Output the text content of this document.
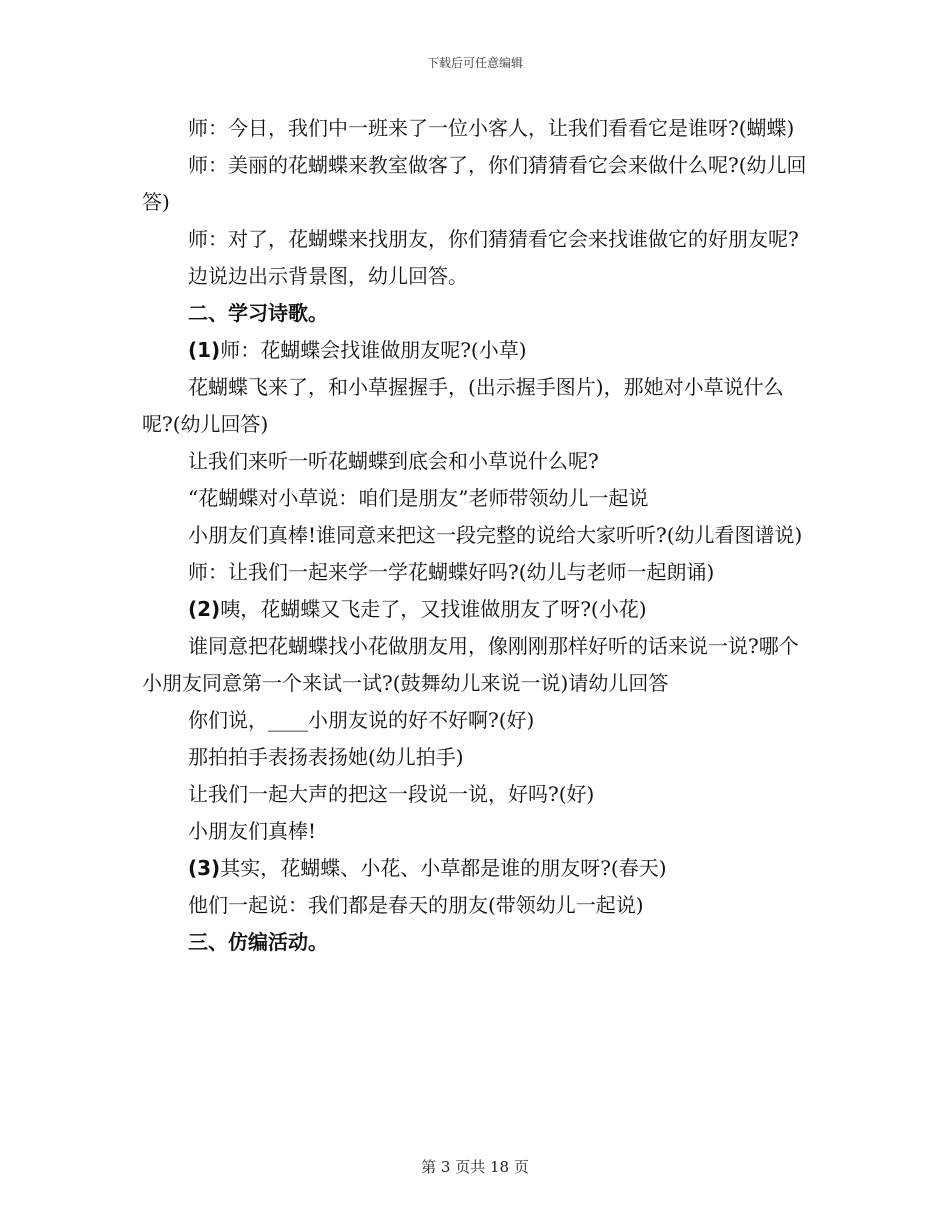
下载后可任意编辑

师：今日，我们中一班来了一位小客人，让我们看看它是谁呀?(蝴蝶)

师：美丽的花蝴蝶来教室做客了，你们猜猜看它会来做什么呢?(幼儿回答)

师：对了，花蝴蝶来找朋友，你们猜猜看它会来找谁做它的好朋友呢?

边说边出示背景图，幼儿回答。

二、学习诗歌。

(1)师：花蝴蝶会找谁做朋友呢?(小草)

花蝴蝶飞来了，和小草握握手，(出示握手图片)，那她对小草说什么呢?(幼儿回答)

让我们来听一听花蝴蝶到底会和小草说什么呢?

“花蝴蝶对小草说：咱们是朋友”老师带领幼儿一起说

小朋友们真棒!谁同意来把这一段完整的说给大家听听?(幼儿看图谱说)

师：让我们一起来学一学花蝴蝶好吗?(幼儿与老师一起朗诵)

(2)咦，花蝴蝶又飞走了，又找谁做朋友了呀?(小花)

谁同意把花蝴蝶找小花做朋友用，像刚刚那样好听的话来说一说?哪个小朋友同意第一个来试一试?(鼓舞幼儿来说一说)请幼儿回答

你们说，____小朋友说的好不好啊?(好)

那拍拍手表扬表扬她(幼儿拍手)

让我们一起大声的把这一段说一说，好吗?(好)

小朋友们真棒!

(3)其实，花蝴蝶、小花、小草都是谁的朋友呀?(春天)

他们一起说：我们都是春天的朋友(带领幼儿一起说)

三、仿编活动。

第 3 页共 18 页
